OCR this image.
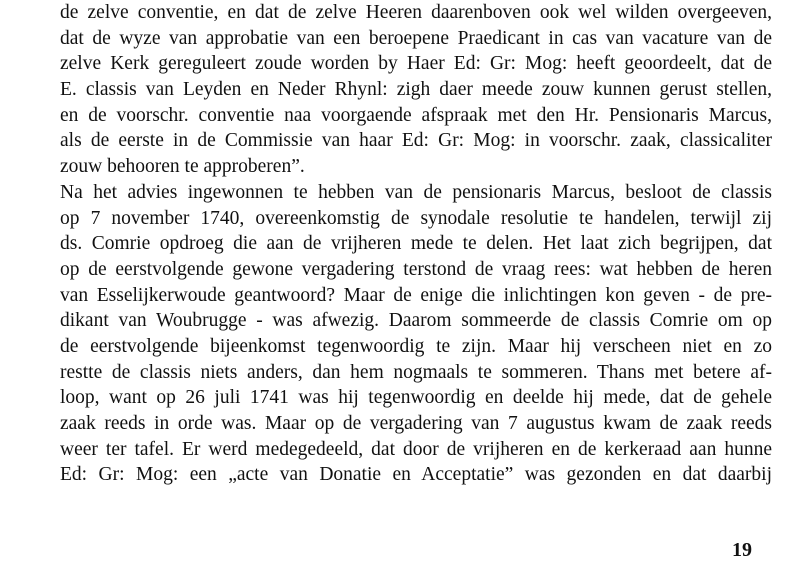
de zelve conventie, en dat de zelve Heeren daarenboven ook wel wilden overgeeven,
dat de wyze van approbatie van een beroepene Praedicant in cas van vacature van de
zelve Kerk gereguleert zoude worden by Haer Ed: Gr: Mog: heeft geoordeelt, dat de
E. classis van Leyden en Neder Rhynl: zigh daer meede zouw kunnen gerust stellen,
en de voorschr. conventie naa voorgaende afspraak met den Hr. Pensionaris Marcus,
als de eerste in de Commissie van haar Ed: Gr: Mog: in voorschr. zaak, classicaliter
zouw behooren te approberen”.
Na het advies ingewonnen te hebben van de pensionaris Marcus, besloot de classis
op 7 november 1740, overeenkomstig de synodale resolutie te handelen, terwijl zij
ds. Comrie opdroeg die aan de vrijheren mede te delen. Het laat zich begrijpen, dat
op de eerstvolgende gewone vergadering terstond de vraag rees: wat hebben de heren
van Esselijkerwoude geantwoord? Maar de enige die inlichtingen kon geven - de pre-
dikant van Woubrugge - was afwezig. Daarom sommeerde de classis Comrie om op
de eerstvolgende bijeenkomst tegenwoordig te zijn. Maar hij verscheen niet en zo
restte de classis niets anders, dan hem nogmaals te sommeren. Thans met betere af-
loop, want op 26 juli 1741 was hij tegenwoordig en deelde hij mede, dat de gehele
zaak reeds in orde was. Maar op de vergadering van 7 augustus kwam de zaak reeds
weer ter tafel. Er werd medegedeeld, dat door de vrijheren en de kerkeraad aan hunne
Ed: Gr: Mog: een „acte van Donatie en Acceptatie” was gezonden en dat daarbij
19
